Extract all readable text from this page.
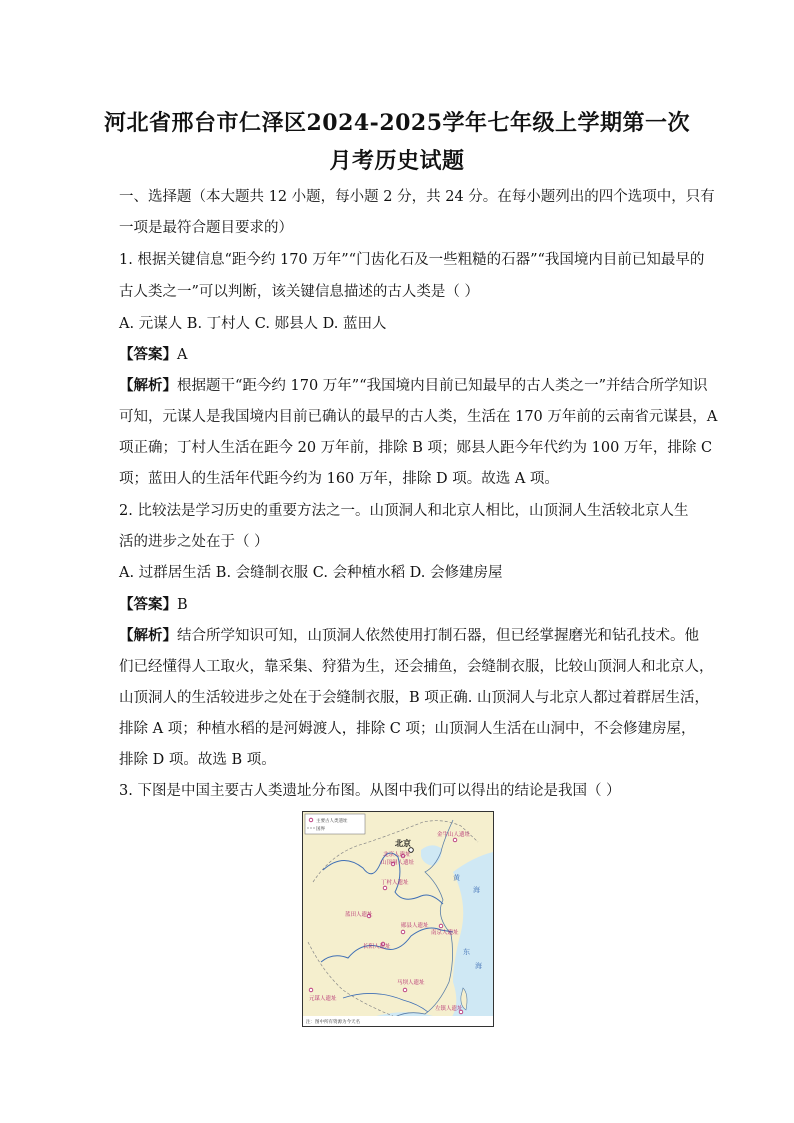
河北省邢台市仁泽区2024-2025学年七年级上学期第一次
月考历史试题
一、选择题（本大题共 12 小题，每小题 2 分，共 24 分。在每小题列出的四个选项中，只有
一项是最符合题目要求的）
1. 根据关键信息“距今约 170 万年”“门齿化石及一些粗糙的石器”“我国境内目前已知最早的
古人类之一”可以判断，该关键信息描述的古人类是（ ）
A. 元谋人 B. 丁村人 C. 郧县人 D. 蓝田人
【答案】A
【解析】根据题干“距今约 170 万年”“我国境内目前已知最早的古人类之一”并结合所学知识
可知，元谋人是我国境内目前已确认的最早的古人类，生活在 170 万年前的云南省元谋县，A
项正确；丁村人生活在距今 20 万年前，排除 B 项；郧县人距今年代约为 100 万年，排除 C
项；蓝田人的生活年代距今约为 160 万年，排除 D 项。故选 A 项。
2. 比较法是学习历史的重要方法之一。山顶洞人和北京人相比，山顶洞人生活较北京人生
活的进步之处在于（ ）
A. 过群居生活 B. 会缝制衣服 C. 会种植水稻 D. 会修建房屋
【答案】B
【解析】结合所学知识可知，山顶洞人依然使用打制石器，但已经掌握磨光和钻孔技术。他
们已经懂得人工取火，靠采集、狩猎为生，还会捕鱼，会缝制衣服，比较山顶洞人和北京人，
山顶洞人的生活较进步之处在于会缝制衣服，B 项正确. 山顶洞人与北京人都过着群居生活，
排除 A 项；种植水稻的是河姆渡人，排除 C 项；山顶洞人生活在山洞中，不会修建房屋，
排除 D 项。故选 B 项。
3. 下图是中国主要古人类遗址分布图。从图中我们可以得出的结论是我国（ ）
主要古人类遗址
国界
北京
金牛山人遗址
北京人遗址
山顶洞人遗址
丁村人遗址
蓝田人遗址
郧县人遗址
南京人遗址
长阳人遗址
元谋人遗址
马坝人遗址
左镇人遗址
黄
海
东
海
注：图中所有资源为今天名
